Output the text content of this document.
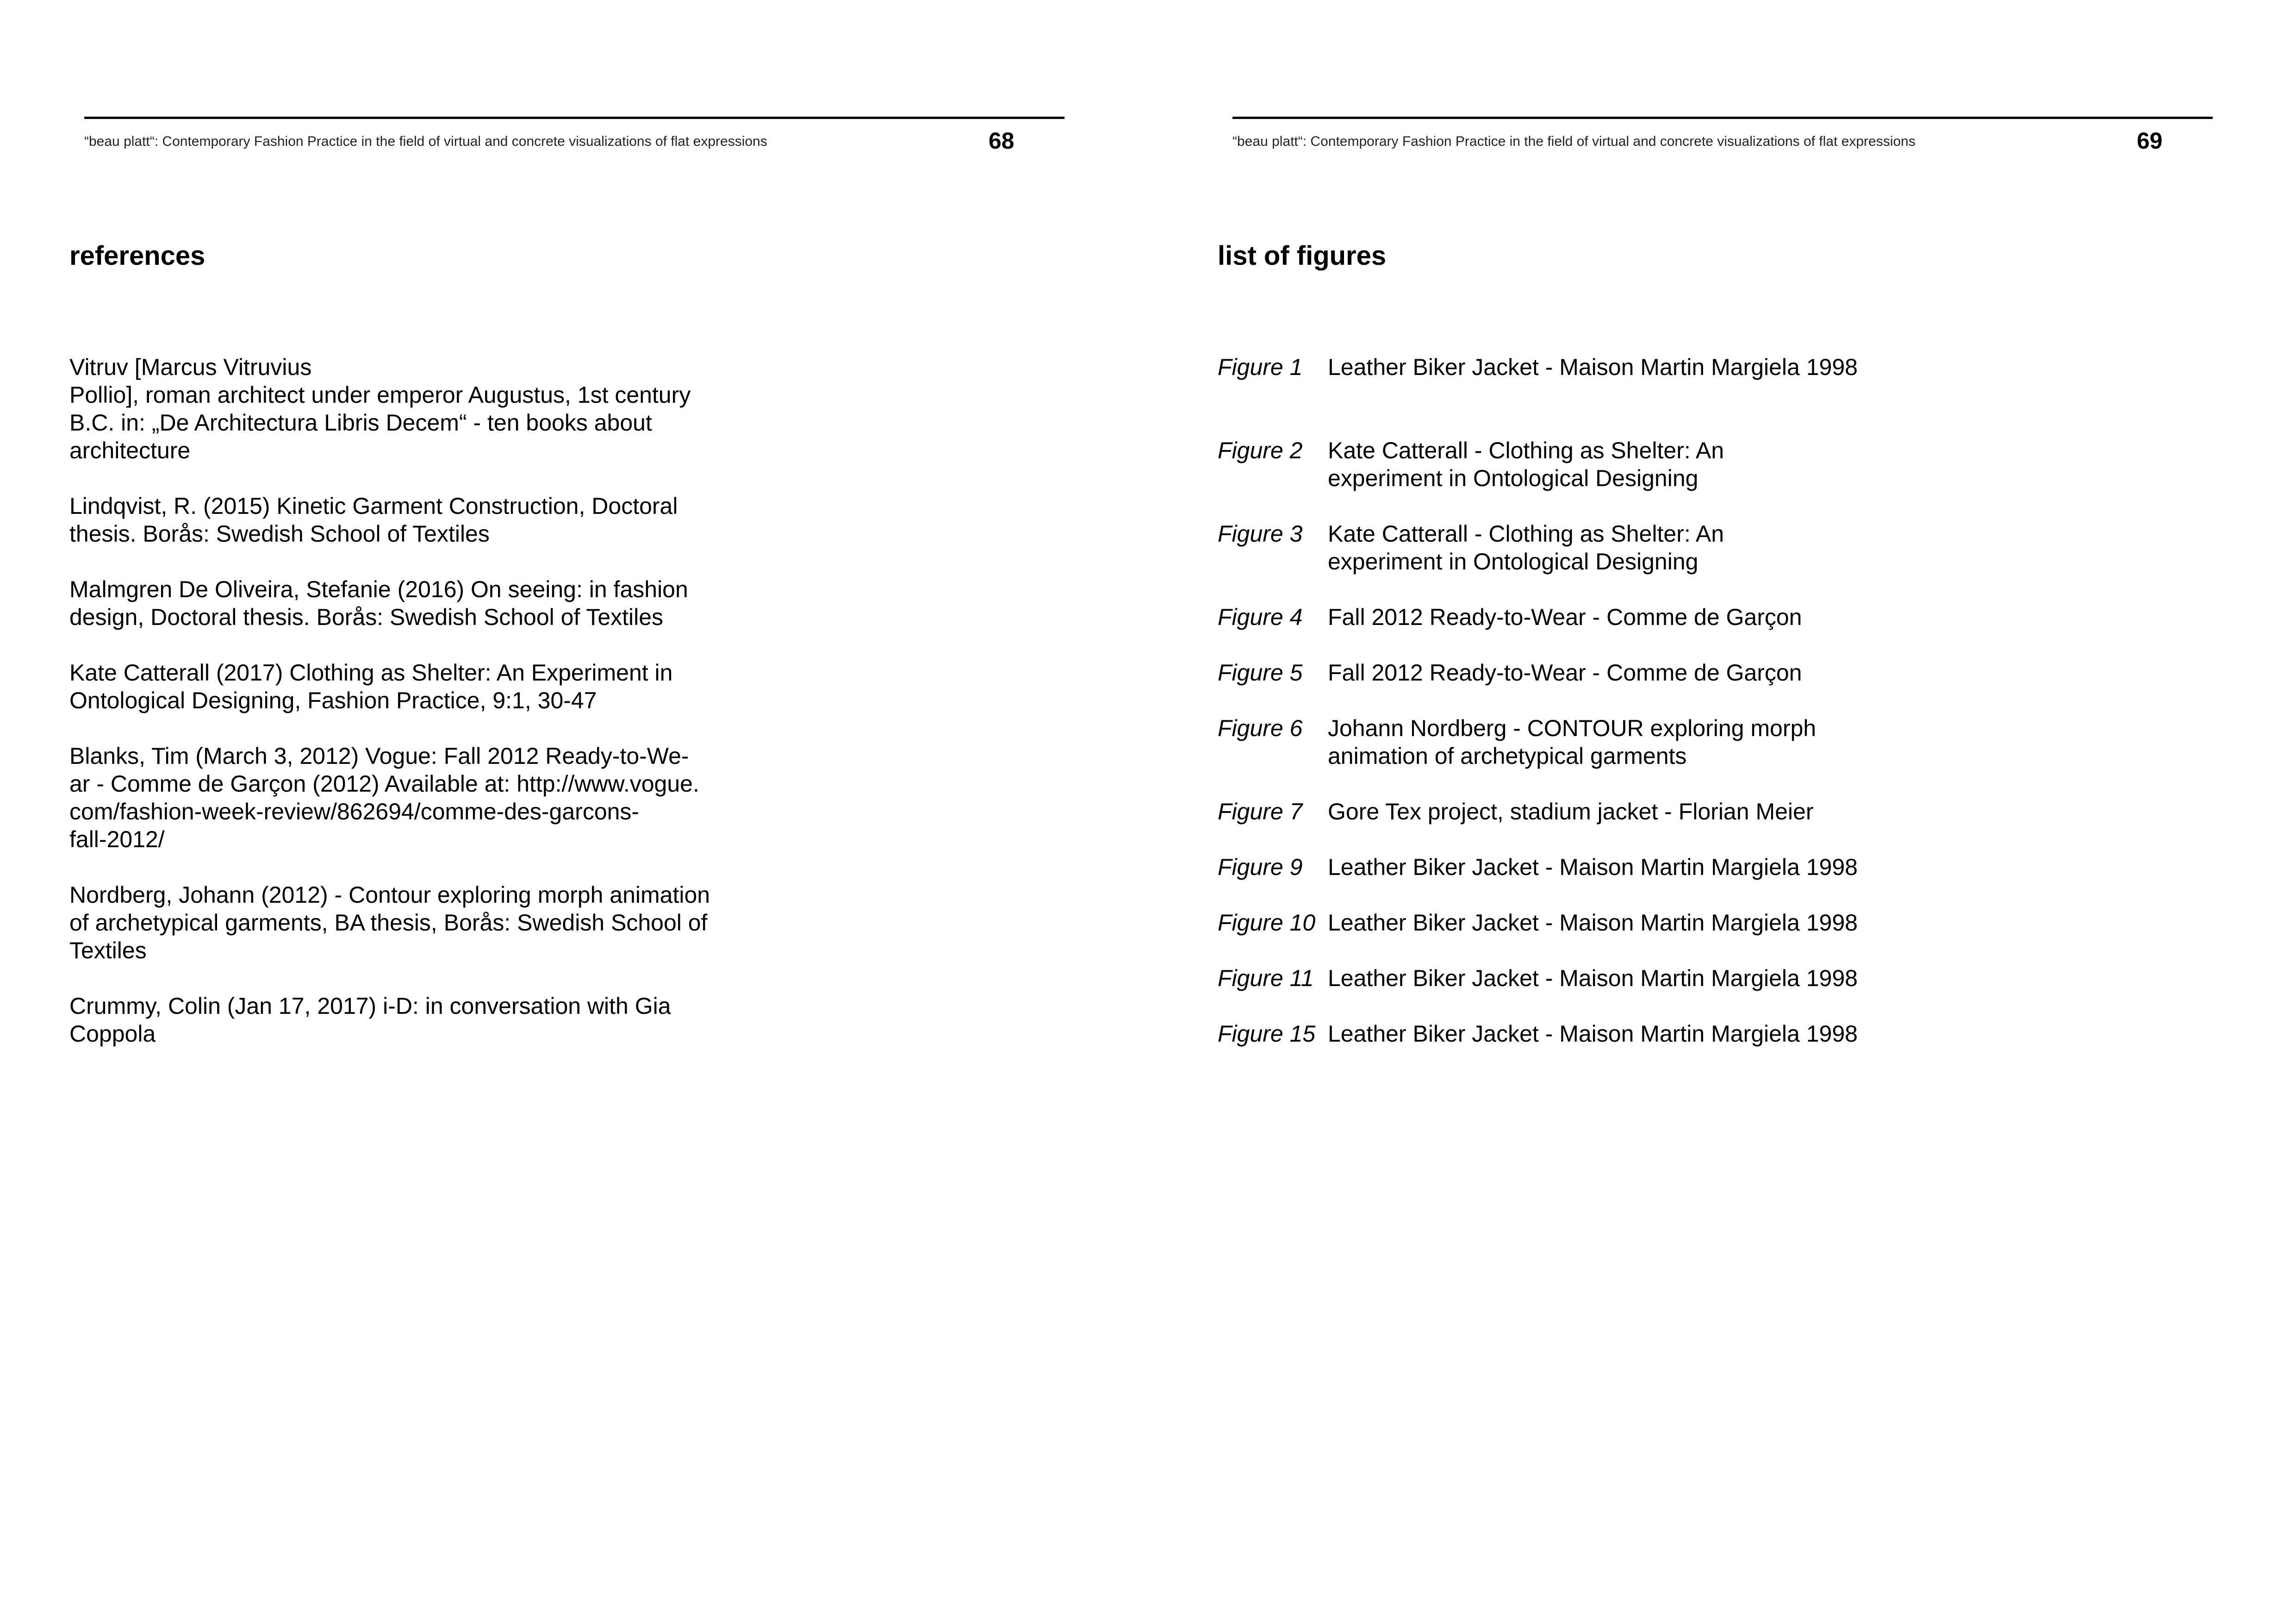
“beau platt“: Contemporary Fashion Practice in the field of virtual and concrete visualizations of flat expressions	68
references
Vitruv [Marcus Vitruvius
Pollio], roman architect under emperor Augustus, 1st century
B.C. in: „De Architectura Libris Decem“ - ten books about
architecture
Lindqvist, R. (2015) Kinetic Garment Construction, Doctoral
thesis. Borås: Swedish School of Textiles
Malmgren De Oliveira, Stefanie (2016) On seeing: in fashion
design, Doctoral thesis. Borås: Swedish School of Textiles
Kate Catterall (2017) Clothing as Shelter: An Experiment in
Ontological Designing, Fashion Practice, 9:1, 30-47
Blanks, Tim (March 3, 2012) Vogue: Fall 2012 Ready-to-We-
ar - Comme de Garçon (2012) Available at: http://www.vogue.
com/fashion-week-review/862694/comme-des-garcons-
fall-2012/
Nordberg, Johann (2012) - Contour exploring morph animation
of archetypical garments, BA thesis, Borås: Swedish School of
Textiles
Crummy, Colin (Jan 17, 2017) i-D: in conversation with Gia
Coppola
“beau platt“: Contemporary Fashion Practice in the field of virtual and concrete visualizations of flat expressions	69
list of figures
Figure 1	Leather Biker Jacket - Maison Martin Margiela 1998
Figure 2	Kate Catterall - Clothing as Shelter: An
experiment in Ontological Designing
Figure 3	Kate Catterall - Clothing as Shelter: An
experiment in Ontological Designing
Figure 4	Fall 2012 Ready-to-Wear - Comme de Garçon
Figure 5	Fall 2012 Ready-to-Wear - Comme de Garçon
Figure 6	Johann Nordberg - CONTOUR exploring morph
animation of archetypical garments
Figure 7	Gore Tex project, stadium jacket - Florian Meier
Figure 9	Leather Biker Jacket - Maison Martin Margiela 1998
Figure 10 Leather Biker Jacket - Maison Martin Margiela 1998
Figure 11 Leather Biker Jacket - Maison Martin Margiela 1998
Figure 15 Leather Biker Jacket - Maison Martin Margiela 1998
